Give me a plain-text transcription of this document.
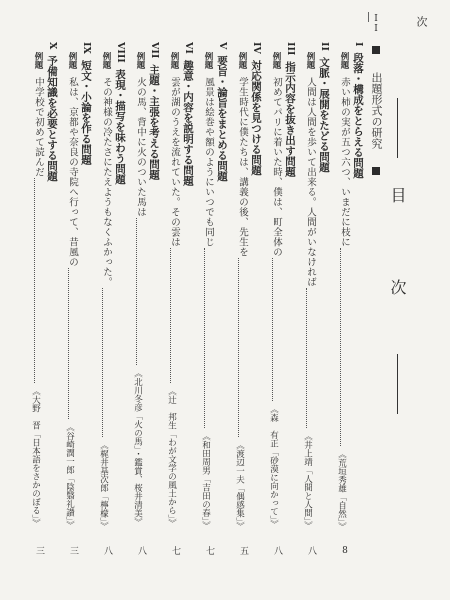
II	次
目　次
出題形式の研究
I段落・構成をとらえる問題
例題赤い柿の実が五つ六つ、いまだに枝に
《荒垣秀雄「自然」》
8
II文脈・展開をたどる問題
例題人間は人間を歩いて出来る。人間がいなければ
《井上靖「人間と人間」》
八
III指示内容を抜き出す問題
例題初めてパリに着いた時、僕は、町全体の
《森　有正「砂漠に向かって」》
八
IV対応関係を見つける問題
例題学生時代に僕たちは、講義の後、先生を
《渡辺一夫「偶感集」》
五
V要旨・論旨をまとめる問題
例題風景は絵巻や額のようにいつでも同じ
《和田周男「吉田の春」》
七
VI趣意・内容を説明する問題
例題雲が湖のうえを流れていた。その雲は
《辻　邦生「わが文学の風土から」》
七
VII主題・主張を考える問題
例題火の馬、背中に火のついた馬は
《北川冬彦「火の馬」・鑑賞、桜井清美》
八
VIII表現・描写を味わう問題
例題その神様の冷たさにたえようもなくふかった。
《梶井基次郎「檸檬」》
八
IX短文・小論を作る問題
例題私は、京都や奈良の寺院へ行って、昔風の
《谷崎潤一郎「陰翳礼讃」》
三
X予備知識を必要とする問題
例題中学校で初めて読んだ
《大野　晋「日本語をさかのぼる」》
三
